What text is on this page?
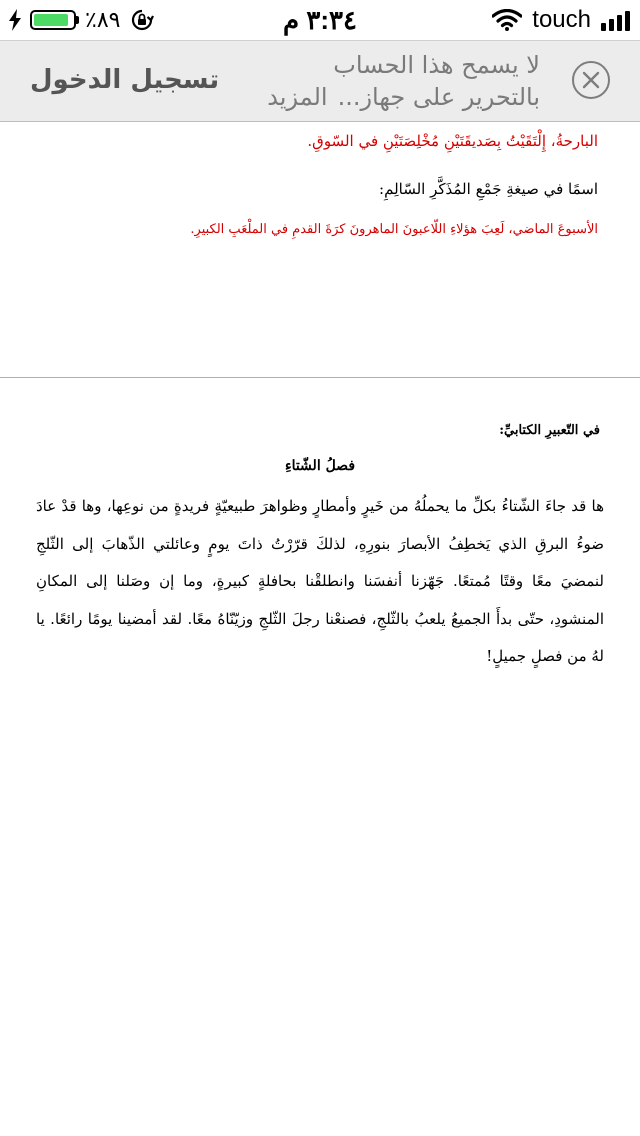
٪٨٩	٣:٣٤ م	touch
لا يسمح هذا الحساب
بالتحرير على جهاز...المزيد
تسجيل الدخول
البارحةُ، إِلْتَقَيْتُ بِصَديقَتَيْنِ مُخْلِصَتَيْنِ في السّوقِ.
اسمًا في صيغةِ جَمْعِ المُذَكَّرِ السّالِمِ:
الأسبوعَ الماضي، لَعِبَ هؤلاءِ اللّاعبونَ الماهرونَ كرَةَ القدمِ في الملْعَبِ الكبيرِ.
في التّعبيرِ الكتابيِّ:
فصلُ الشّتاءِ
ها قد جاءَ الشّتاءُ بكلِّ ما يحملُهُ من خَيرٍ وأمطارٍ وظواهرَ طبيعيّةٍ فريدةٍ من نوعِها، وها قدْ عادَ ضوءُ البرقِ الذي يَخطِفُ الأبصارَ بنورِهِ، لذلكَ قرّرْتُ ذاتَ يومٍ وعائلتي الذّهابَ إلى الثّلجِ لنمضيَ معًا وقتًا مُمتعًا. جَهّزنا أنفسَنا وانطلقْنا بحافلةٍ كبيرةٍ، وما إن وصَلنا إلى المكانِ المنشودِ، حتّى بدأَ الجميعُ يلعبُ بالثّلجِ، فصنعْنا رجلَ الثّلجِ وزيّنّاهُ معًا. لقد أمضينا يومًا رائعًا. يا لهُ من فصلٍ جميلٍ!
